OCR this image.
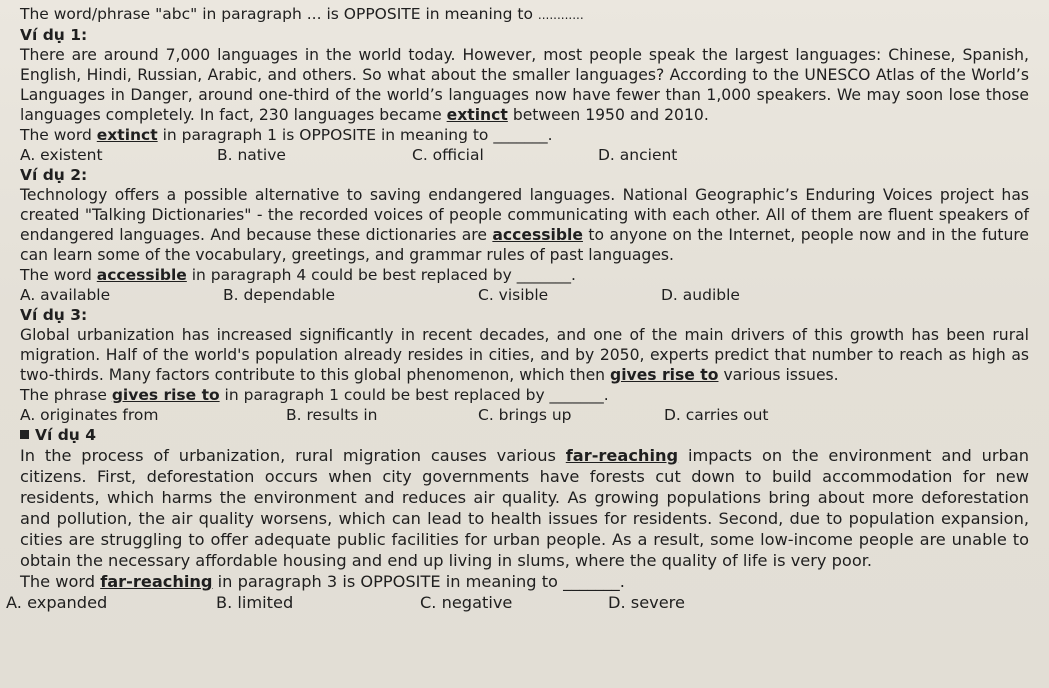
The word/phrase "abc" in paragraph ... is OPPOSITE in meaning to ............
Ví dụ 1:
There are around 7,000 languages in the world today. However, most people speak the largest languages: Chinese, Spanish, English, Hindi, Russian, Arabic, and others. So what about the smaller languages? According to the UNESCO Atlas of the World’s Languages in Danger, around one-third of the world’s languages now have fewer than 1,000 speakers. We may soon lose those languages completely. In fact, 230 languages became extinct between 1950 and 2010.
The word extinct in paragraph 1 is OPPOSITE in meaning to _______.
A. existent	B. native	C. official	D. ancient
Ví dụ 2:
Technology offers a possible alternative to saving endangered languages. National Geographic’s Enduring Voices project has created "Talking Dictionaries" - the recorded voices of people communicating with each other. All of them are fluent speakers of endangered languages. And because these dictionaries are accessible to anyone on the Internet, people now and in the future can learn some of the vocabulary, greetings, and grammar rules of past languages.
The word accessible in paragraph 4 could be best replaced by _______.
A. available	B. dependable	C. visible	D. audible
Ví dụ 3:
Global urbanization has increased significantly in recent decades, and one of the main drivers of this growth has been rural migration. Half of the world's population already resides in cities, and by 2050, experts predict that number to reach as high as two-thirds. Many factors contribute to this global phenomenon, which then gives rise to various issues.
The phrase gives rise to in paragraph 1 could be best replaced by _______.
A. originates from	B. results in	C. brings up	D. carries out
Ví dụ 4
In the process of urbanization, rural migration causes various far-reaching impacts on the environment and urban citizens. First, deforestation occurs when city governments have forests cut down to build accommodation for new residents, which harms the environment and reduces air quality. As growing populations bring about more deforestation and pollution, the air quality worsens, which can lead to health issues for residents. Second, due to population expansion, cities are struggling to offer adequate public facilities for urban people. As a result, some low-income people are unable to obtain the necessary affordable housing and end up living in slums, where the quality of life is very poor.
The word far-reaching in paragraph 3 is OPPOSITE in meaning to _______.
A. expanded	B. limited	C. negative	D. severe
